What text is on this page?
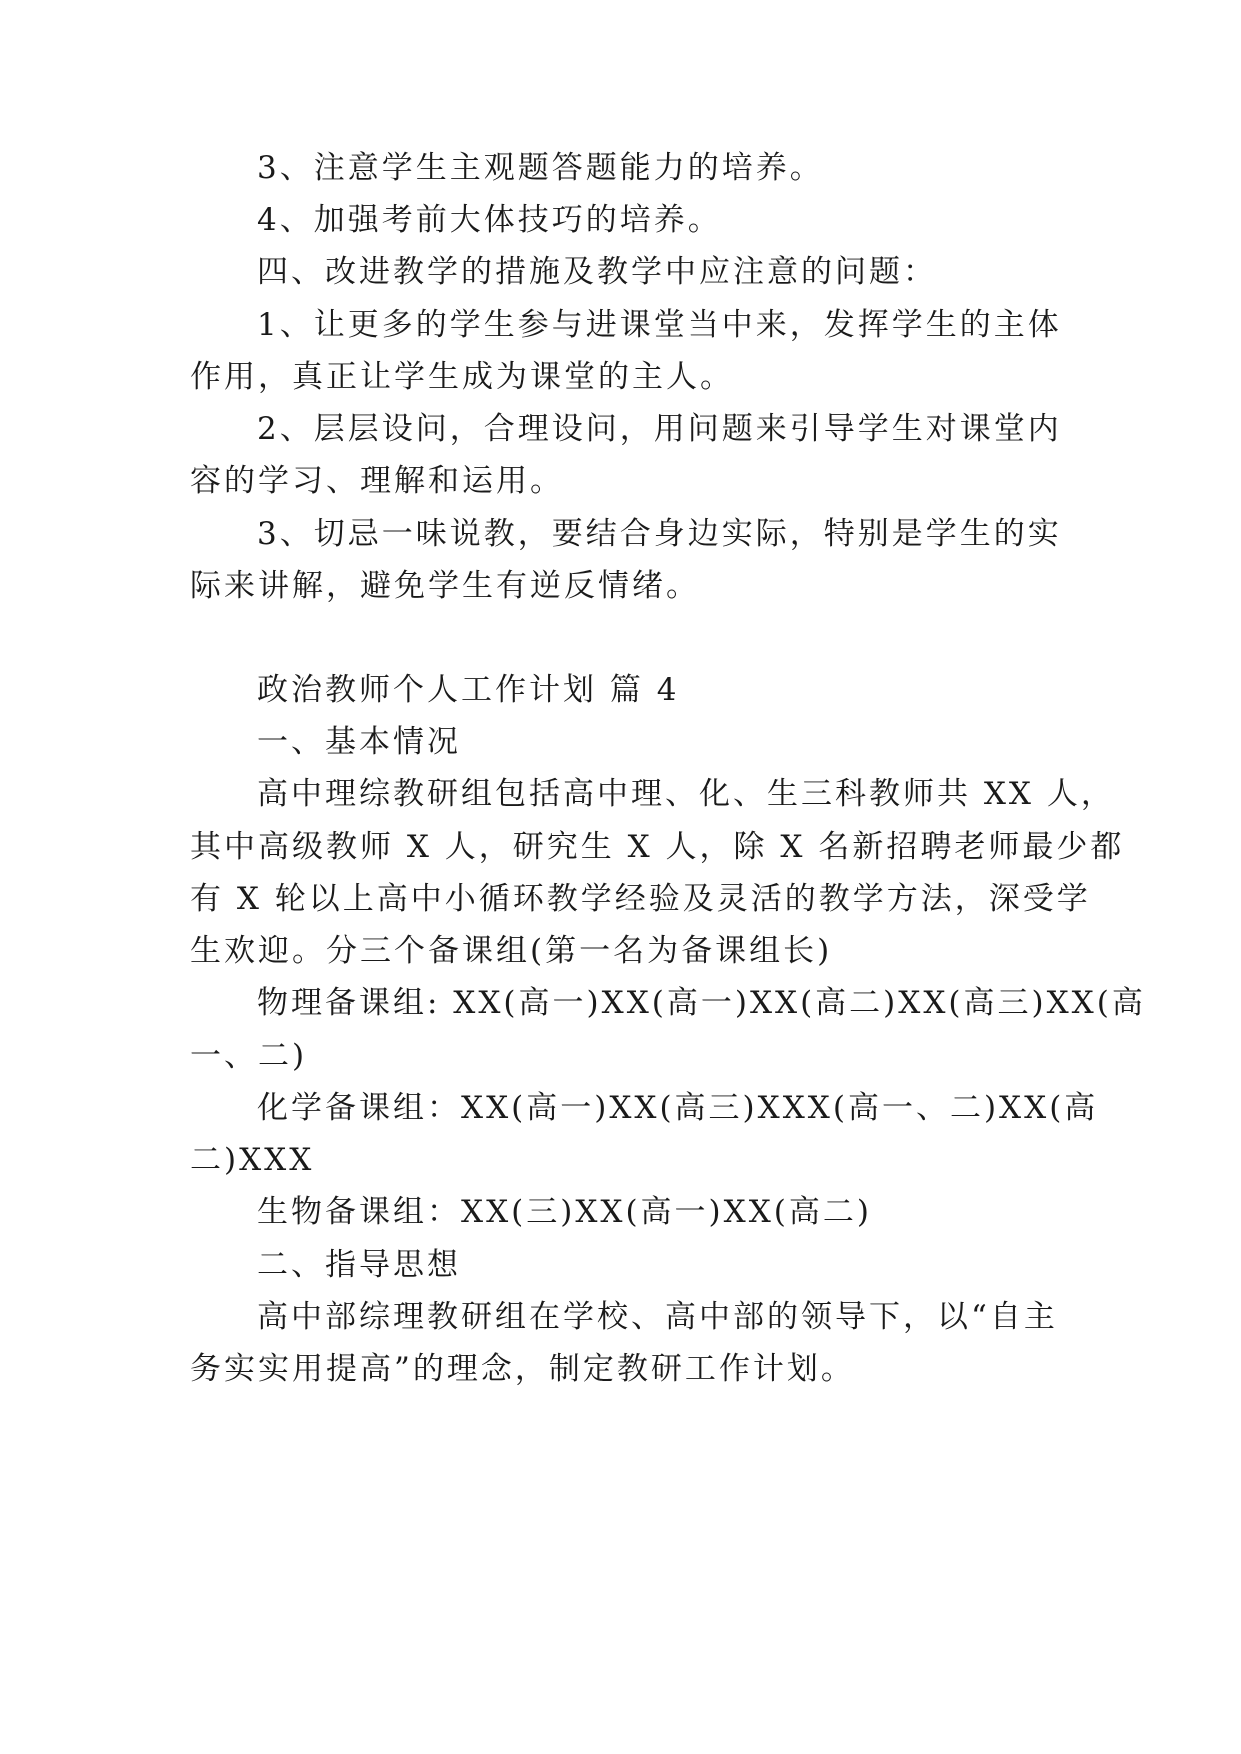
3、注意学生主观题答题能力的培养。
4、加强考前大体技巧的培养。
四、改进教学的措施及教学中应注意的问题：
1、让更多的学生参与进课堂当中来，发挥学生的主体
作用，真正让学生成为课堂的主人。
2、层层设问，合理设问，用问题来引导学生对课堂内
容的学习、理解和运用。
3、切忌一味说教，要结合身边实际，特别是学生的实
际来讲解，避免学生有逆反情绪。
政治教师个人工作计划 篇 4
一、基本情况
高中理综教研组包括高中理、化、生三科教师共 XX 人，
其中高级教师 X 人，研究生 X 人，除 X 名新招聘老师最少都
有 X 轮以上高中小循环教学经验及灵活的教学方法，深受学
生欢迎。分三个备课组(第一名为备课组长)
物理备课组: XX(高一)XX(高一)XX(高二)XX(高三)XX(高
一、二)
化学备课组：XX(高一)XX(高三)XXX(高一、二)XX(高
二)XXX
生物备课组：XX(三)XX(高一)XX(高二)
二、指导思想
高中部综理教研组在学校、高中部的领导下，以“自主
务实实用提高”的理念，制定教研工作计划。
